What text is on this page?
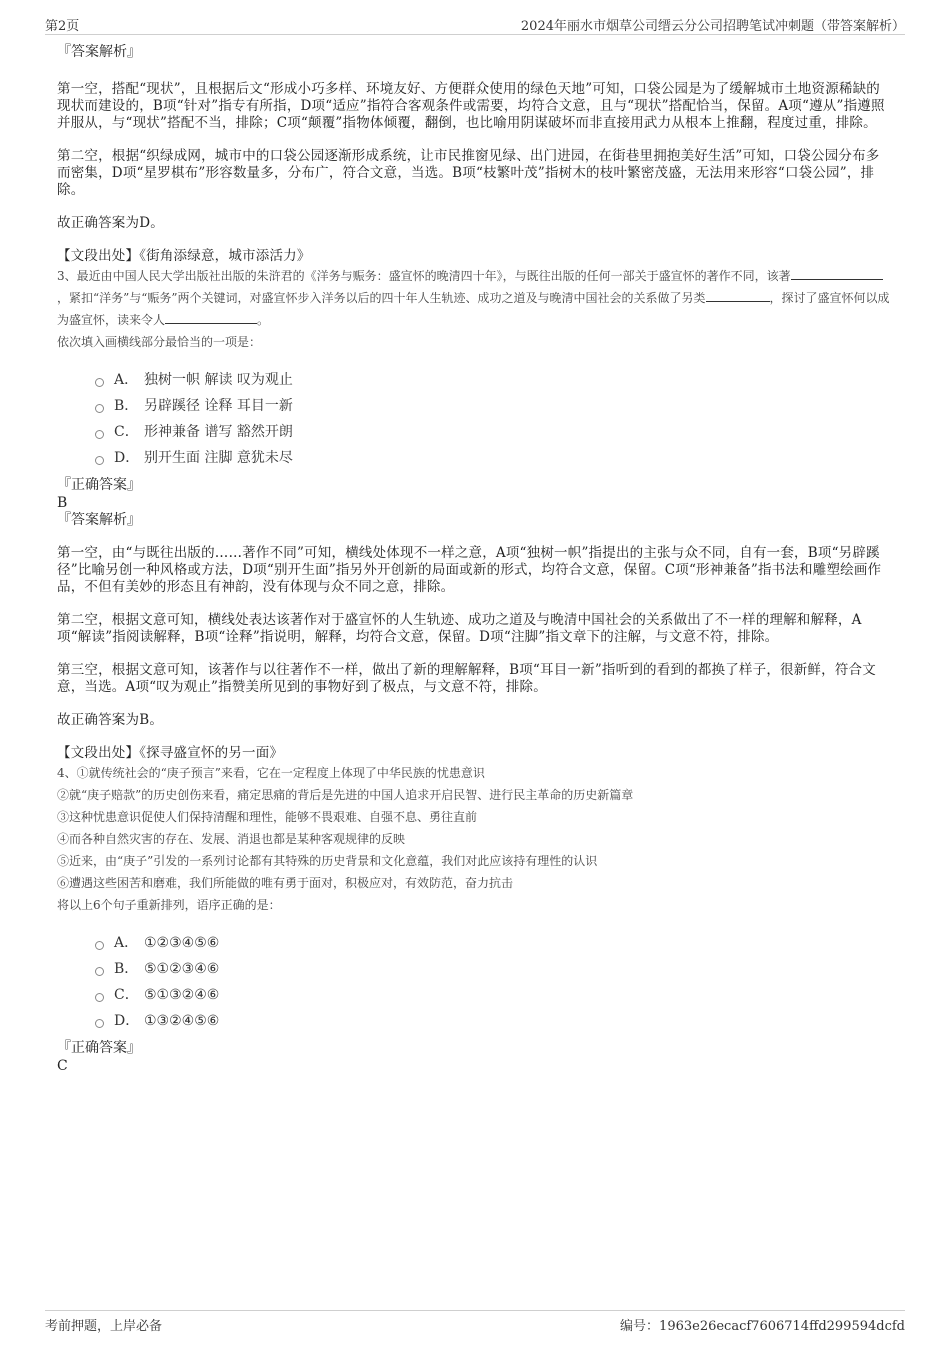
第2页	2024年丽水市烟草公司缙云分公司招聘笔试冲刺题（带答案解析）

『答案解析』

第一空，搭配“现状”，且根据后文“形成小巧多样、环境友好、方便群众使用的绿色天地”可知，口袋公园是为了缓解城市土地资源稀缺的现状而建设的，B项“针对”指专有所指，D项“适应”指符合客观条件或需要，均符合文意，且与“现状”搭配恰当，保留。A项“遵从”指遵照并服从，与“现状”搭配不当，排除；C项“颠覆”指物体倾覆，翻倒，也比喻用阴谋破坏而非直接用武力从根本上推翻，程度过重，排除。

第二空，根据“织绿成网，城市中的口袋公园逐渐形成系统，让市民推窗见绿、出门进园，在街巷里拥抱美好生活”可知，口袋公园分布多而密集，D项“星罗棋布”形容数量多，分布广，符合文意，当选。B项“枝繁叶茂”指树木的枝叶繁密茂盛，无法用来形容“口袋公园”，排除。

故正确答案为D。

【文段出处】《街角添绿意，城市添活力》

3、最近由中国人民大学出版社出版的朱浒君的《洋务与赈务：盛宣怀的晚清四十年》，与既往出版的任何一部关于盛宣怀的著作不同，该著，紧扣“洋务”与“赈务”两个关键词，对盛宣怀步入洋务以后的四十年人生轨迹、成功之道及与晚清中国社会的关系做了另类	，探讨了盛宣怀何以成为盛宣怀，读来令人	。

依次填入画横线部分最恰当的一项是：

A． 独树一帜 解读 叹为观止
B． 另辟蹊径 诠释 耳目一新
C． 形神兼备 谱写 豁然开朗
D． 别开生面 注脚 意犹未尽

『正确答案』

B

『答案解析』

第一空，由“与既往出版的……著作不同”可知，横线处体现不一样之意，A项“独树一帜”指提出的主张与众不同，自有一套，B项“另辟蹊径”比喻另创一种风格或方法，D项“别开生面”指另外开创新的局面或新的形式，均符合文意，保留。C项“形神兼备”指书法和雕塑绘画作品，不但有美妙的形态且有神韵，没有体现与众不同之意，排除。

第二空，根据文意可知，横线处表达该著作对于盛宣怀的人生轨迹、成功之道及与晚清中国社会的关系做出了不一样的理解和解释，A项“解读”指阅读解释，B项“诠释”指说明，解释，均符合文意，保留。D项“注脚”指文章下的注解，与文意不符，排除。

第三空，根据文意可知，该著作与以往著作不一样，做出了新的理解解释，B项“耳目一新”指听到的看到的都换了样子，很新鲜，符合文意，当选。A项“叹为观止”指赞美所见到的事物好到了极点，与文意不符，排除。

故正确答案为B。

【文段出处】《探寻盛宣怀的另一面》

4、①就传统社会的“庚子预言”来看，它在一定程度上体现了中华民族的忧患意识

②就“庚子赔款”的历史创伤来看，痛定思痛的背后是先进的中国人追求开启民智、进行民主革命的历史新篇章

③这种忧患意识促使人们保持清醒和理性，能够不畏艰难、自强不息、勇往直前

④而各种自然灾害的存在、发展、消退也都是某种客观规律的反映

⑤近来，由“庚子”引发的一系列讨论都有其特殊的历史背景和文化意蕴，我们对此应该持有理性的认识

⑥遭遇这些困苦和磨难，我们所能做的唯有勇于面对，积极应对，有效防范，奋力抗击

将以上6个句子重新排列，语序正确的是：

A． ①②③④⑤⑥
B． ⑤①②③④⑥
C． ⑤①③②④⑥
D． ①③②④⑤⑥

『正确答案』

C

考前押题，上岸必备	编号：1963e26ecacf7606714ffd299594dcfd
